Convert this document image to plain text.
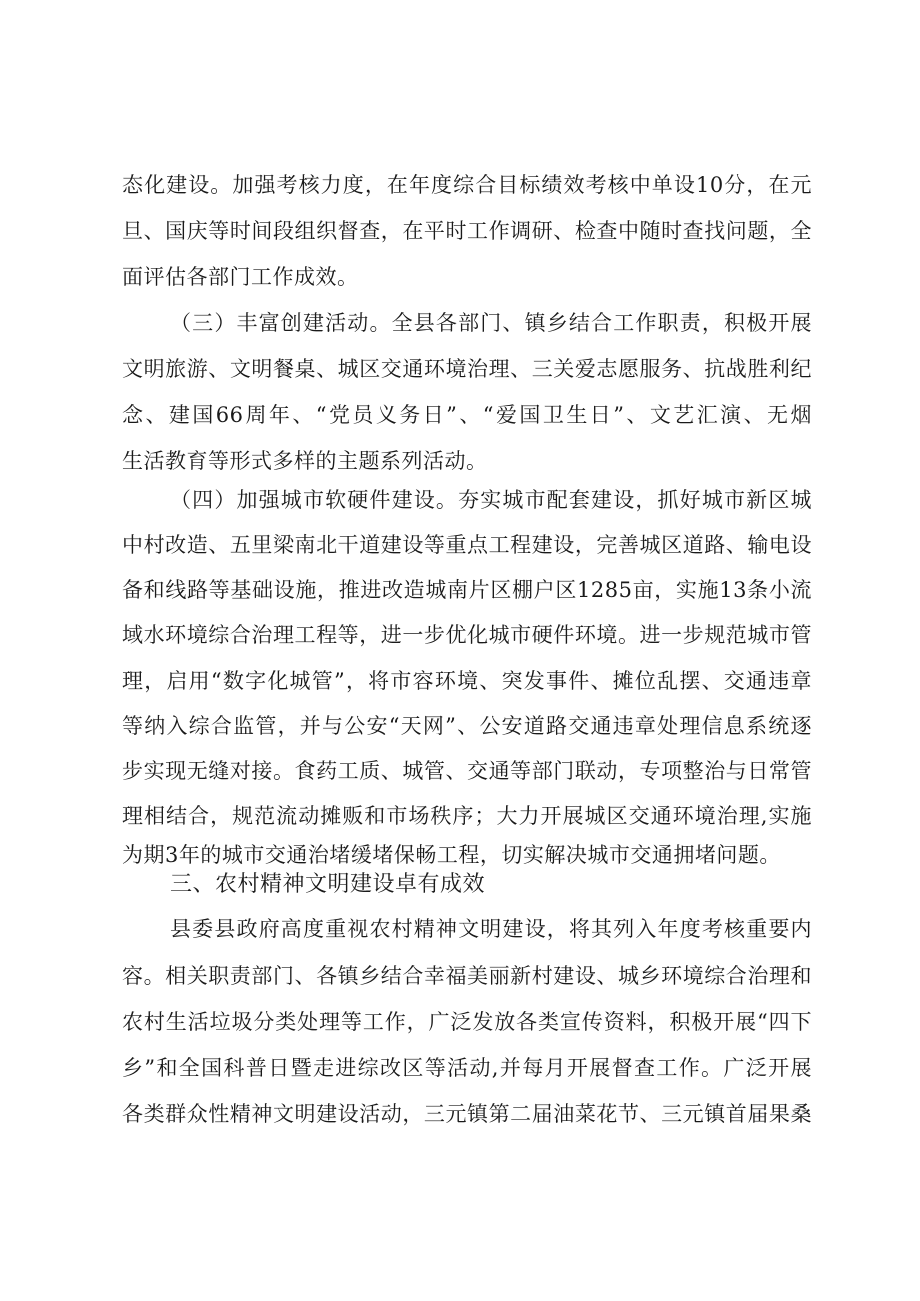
态化建设。加强考核力度，在年度综合目标绩效考核中单设10分，在元
旦、国庆等时间段组织督查，在平时工作调研、检查中随时查找问题，全
面评估各部门工作成效。
（三）丰富创建活动。全县各部门、镇乡结合工作职责，积极开展
文明旅游、文明餐桌、城区交通环境治理、三关爱志愿服务、抗战胜利纪
念、建国66周年、“党员义务日”、“爱国卫生日”、文艺汇演、无烟
生活教育等形式多样的主题系列活动。
（四）加强城市软硬件建设。夯实城市配套建设，抓好城市新区城
中村改造、五里梁南北干道建设等重点工程建设，完善城区道路、输电设
备和线路等基础设施，推进改造城南片区棚户区1285亩，实施13条小流
域水环境综合治理工程等，进一步优化城市硬件环境。进一步规范城市管
理，启用“数字化城管”，将市容环境、突发事件、摊位乱摆、交通违章
等纳入综合监管，并与公安“天网”、公安道路交通违章处理信息系统逐
步实现无缝对接。食药工质、城管、交通等部门联动，专项整治与日常管
理相结合，规范流动摊贩和市场秩序；大力开展城区交通环境治理,实施
为期3年的城市交通治堵缓堵保畅工程，切实解决城市交通拥堵问题。
三、农村精神文明建设卓有成效
县委县政府高度重视农村精神文明建设，将其列入年度考核重要内
容。相关职责部门、各镇乡结合幸福美丽新村建设、城乡环境综合治理和
农村生活垃圾分类处理等工作，广泛发放各类宣传资料，积极开展“四下
乡”和全国科普日暨走进综改区等活动,并每月开展督查工作。广泛开展
各类群众性精神文明建设活动，三元镇第二届油菜花节、三元镇首届果桑
